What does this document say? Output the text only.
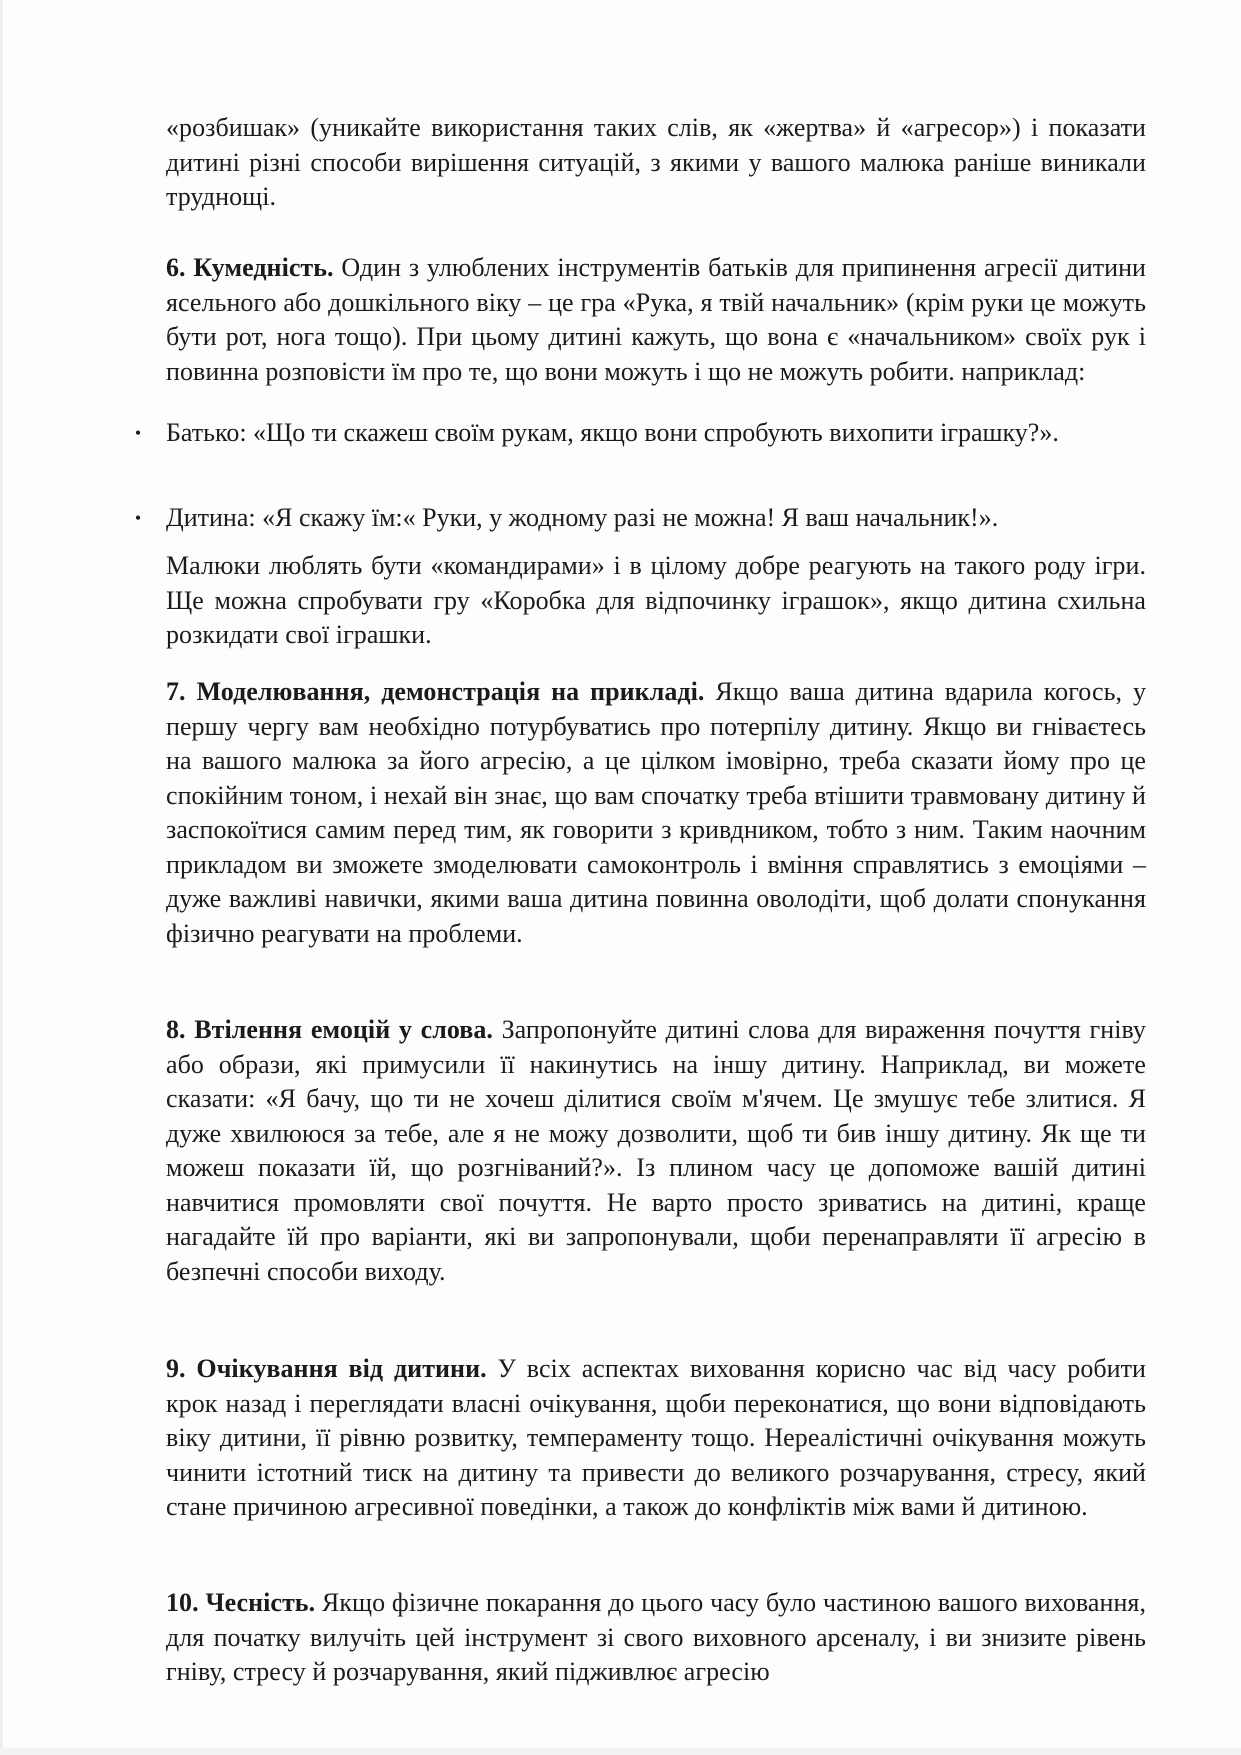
«розбишак» (уникайте використання таких слів, як «жертва» й «агресор») і показати дитині різні способи вирішення ситуацій, з якими у вашого малюка раніше виникали труднощі.

6. Кумедність. Один з улюблених інструментів батьків для припинення агресії дитини ясельного або дошкільного віку – це гра «Рука, я твій начальник» (крім руки це можуть бути рот, нога тощо). При цьому дитині кажуть, що вона є «начальником» своїх рук і повинна розповісти їм про те, що вони можуть і що не можуть робити. наприклад:

• Батько: «Що ти скажеш своїм рукам, якщо вони спробують вихопити іграшку?».
• Дитина: «Я скажу їм:« Руки, у жодному разі не можна! Я ваш начальник!».

Малюки люблять бути «командирами» і в цілому добре реагують на такого роду ігри. Ще можна спробувати гру «Коробка для відпочинку іграшок», якщо дитина схильна розкидати свої іграшки.

7. Моделювання, демонстрація на прикладі. Якщо ваша дитина вдарила когось, у першу чергу вам необхідно потурбуватись про потерпілу дитину. Якщо ви гніваєтесь на вашого малюка за його агресію, а це цілком імовірно, треба сказати йому про це спокійним тоном, і нехай він знає, що вам спочатку треба втішити травмовану дитину й заспокоїтися самим перед тим, як говорити з кривдником, тобто з ним. Таким наочним прикладом ви зможете змоделювати самоконтроль і вміння справлятись з емоціями – дуже важливі навички, якими ваша дитина повинна оволодіти, щоб долати спонукання фізично реагувати на проблеми.

8. Втілення емоцій у слова. Запропонуйте дитині слова для вираження почуття гніву або образи, які примусили її накинутись на іншу дитину. Наприклад, ви можете сказати: «Я бачу, що ти не хочеш ділитися своїм м'ячем. Це змушує тебе злитися. Я дуже хвилююся за тебе, але я не можу дозволити, щоб ти бив іншу дитину. Як ще ти можеш показати їй, що розгніваний?». Із плином часу це допоможе вашій дитині навчитися промовляти свої почуття. Не варто просто зриватись на дитині, краще нагадайте їй про варіанти, які ви запропонували, щоби перенаправляти її агресію в безпечні способи виходу.

9. Очікування від дитини. У всіх аспектах виховання корисно час від часу робити крок назад і переглядати власні очікування, щоби переконатися, що вони відповідають віку дитини, її рівню розвитку, темпераменту тощо. Нереалістичні очікування можуть чинити істотний тиск на дитину та привести до великого розчарування, стресу, який стане причиною агресивної поведінки, а також до конфліктів між вами й дитиною.

10. Чесність. Якщо фізичне покарання до цього часу було частиною вашого виховання, для початку вилучіть цей інструмент зі свого виховного арсеналу, і ви знизите рівень гніву, стресу й розчарування, який підживлює агресію
